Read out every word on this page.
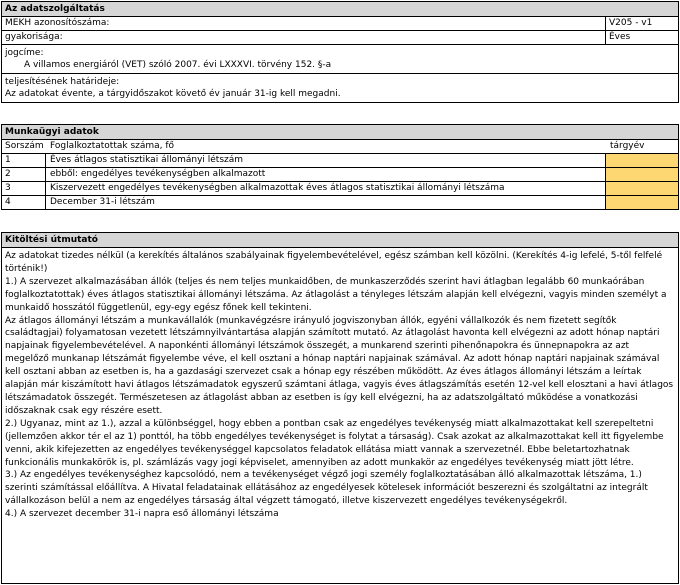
Az adatszolgáltatás
MEKH azonosítószáma:	V205 - v1
gyakorisága:	Éves
jogcíme:
A villamos energiáról (VET) szóló 2007. évi LXXXVI. törvény 152. §-a
teljesítésének határideje:
Az adatokat évente, a tárgyidőszakot követő év január 31-ig kell megadni.
Munkaügyi adatok
Sorszám Foglalkoztatottak száma, fő	tárgyév
1	Éves átlagos statisztikai állományi létszám
2	ebből: engedélyes tevékenységben alkalmazott
3	Kiszervezett engedélyes tevékenységben alkalmazottak éves átlagos statisztikai állományi létszáma
4	December 31-i létszám
Kitöltési útmutató

Az adatokat tizedes nélkül (a kerekítés általános szabályainak figyelembevételével, egész számban kell közölni. (Kerekítés 4-ig lefelé, 5-től felfelé történik!)

1.) A szervezet alkalmazásában állók (teljes és nem teljes munkaidőben, de munkaszerződés szerint havi átlagban legalább 60 munkaórában foglalkoztatottak) éves átlagos statisztikai állományi létszáma. Az átlagolást a tényleges létszám alapján kell elvégezni, vagyis minden személyt a munkaidő hosszától függetlenül, egy-egy egész főnek kell tekinteni.

Az átlagos állományi létszám a munkavállalók (munkavégzésre irányuló jogviszonyban állók, egyéni vállalkozók és nem fizetett segítők családtagjai) folyamatosan vezetett létszámnyilvántartása alapján számított mutató. Az átlagolást havonta kell elvégezni az adott hónap naptári napjainak figyelembevételével. A naponkénti állományi létszámok összegét, a munkarend szerinti pihenőnapokra és ünnepnapokra az azt megelőző munkanap létszámát figyelembe véve, el kell osztani a hónap naptári napjainak számával. Az adott hónap naptári napjainak számával kell osztani abban az esetben is, ha a gazdasági szervezet csak a hónap egy részében működött. Az éves átlagos állományi létszám a leírtak alapján már kiszámított havi átlagos létszámadatok egyszerű számtani átlaga, vagyis éves átlagszámítás esetén 12-vel kell elosztani a havi átlagos létszámadatok összegét. Természetesen az átlagolást abban az esetben is így kell elvégezni, ha az adatszolgáltató működése a vonatkozási időszaknak csak egy részére esett.

2.) Ugyanaz, mint az 1.), azzal a különbséggel, hogy ebben a pontban csak az engedélyes tevékenység miatt alkalmazottakat kell szerepeltetni (jellemzően akkor tér el az 1) ponttól, ha több engedélyes tevékenységet is folytat a társaság). Csak azokat az alkalmazottakat kell itt figyelembe venni, akik kifejezetten az engedélyes tevékenységgel kapcsolatos feladatok ellátása miatt vannak a szervezetnél. Ebbe beletartozhatnak funkcionális munkakörök is, pl. számlázás vagy jogi képviselet, amennyiben az adott munkakör az engedélyes tevékenység miatt jött létre.

3.) Az engedélyes tevékenységhez kapcsolódó, nem a tevékenységet végző jogi személy foglalkoztatásában álló alkalmazottak létszáma, 1.) szerinti számítással előállítva. A Hivatal feladatainak ellátásához az engedélyesek kötelesek információt beszerezni és szolgáltatni az integrált vállalkozáson belül a nem az engedélyes társaság által végzett támogató, illetve kiszervezett engedélyes tevékenységekről.

4.) A szervezet december 31-i napra eső állományi létszáma
